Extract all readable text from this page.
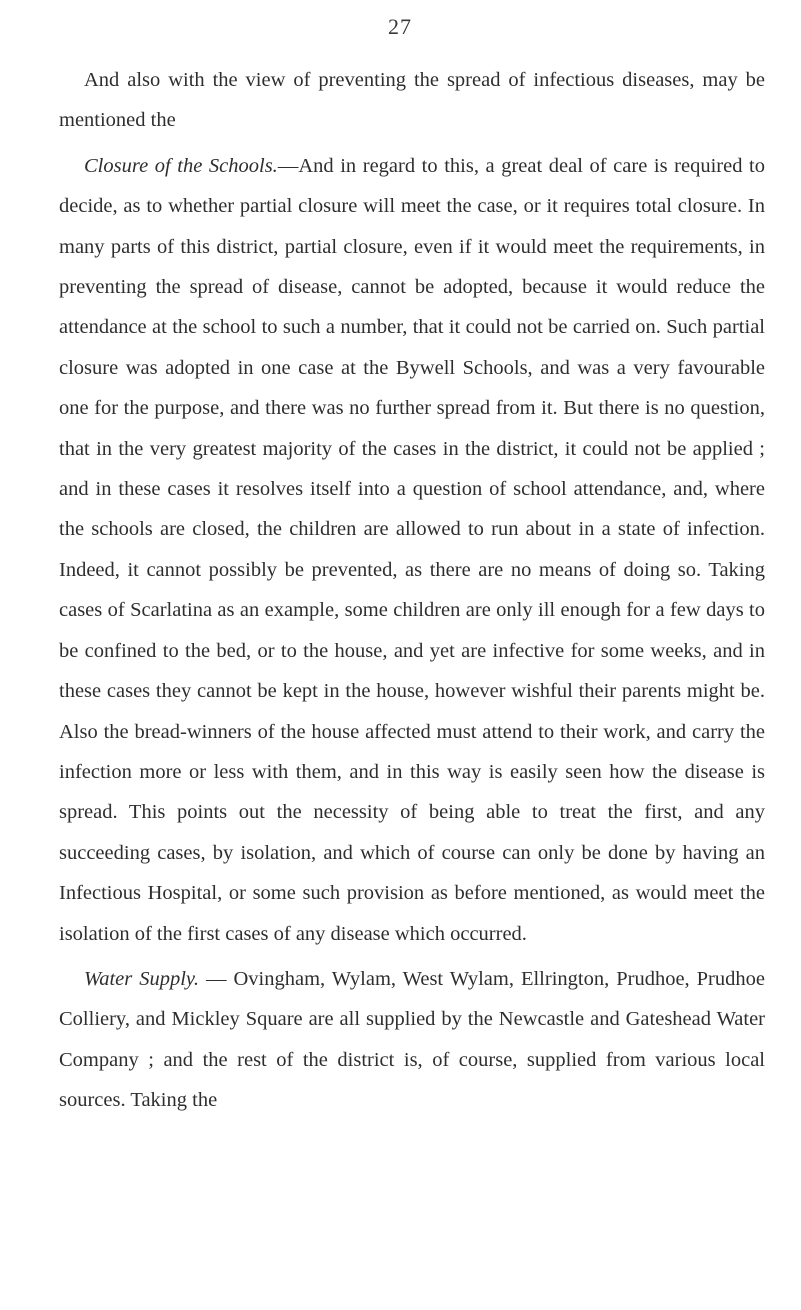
27

And also with the view of preventing the spread of infectious diseases, may be mentioned the

Closure of the Schools.—And in regard to this, a great deal of care is required to decide, as to whether partial closure will meet the case, or it requires total closure. In many parts of this district, partial closure, even if it would meet the requirements, in preventing the spread of disease, cannot be adopted, because it would reduce the attendance at the school to such a number, that it could not be carried on. Such partial closure was adopted in one case at the Bywell Schools, and was a very favourable one for the purpose, and there was no further spread from it. But there is no question, that in the very greatest majority of the cases in the district, it could not be applied ; and in these cases it resolves itself into a question of school attendance, and, where the schools are closed, the children are allowed to run about in a state of infection. Indeed, it cannot possibly be prevented, as there are no means of doing so. Taking cases of Scarlatina as an example, some children are only ill enough for a few days to be confined to the bed, or to the house, and yet are infective for some weeks, and in these cases they cannot be kept in the house, however wishful their parents might be. Also the bread-winners of the house affected must attend to their work, and carry the infection more or less with them, and in this way is easily seen how the disease is spread. This points out the necessity of being able to treat the first, and any succeeding cases, by isolation, and which of course can only be done by having an Infectious Hospital, or some such provision as before mentioned, as would meet the isolation of the first cases of any disease which occurred.

Water Supply. — Ovingham, Wylam, West Wylam, Ellrington, Prudhoe, Prudhoe Colliery, and Mickley Square are all supplied by the Newcastle and Gateshead Water Company ; and the rest of the district is, of course, supplied from various local sources. Taking the
